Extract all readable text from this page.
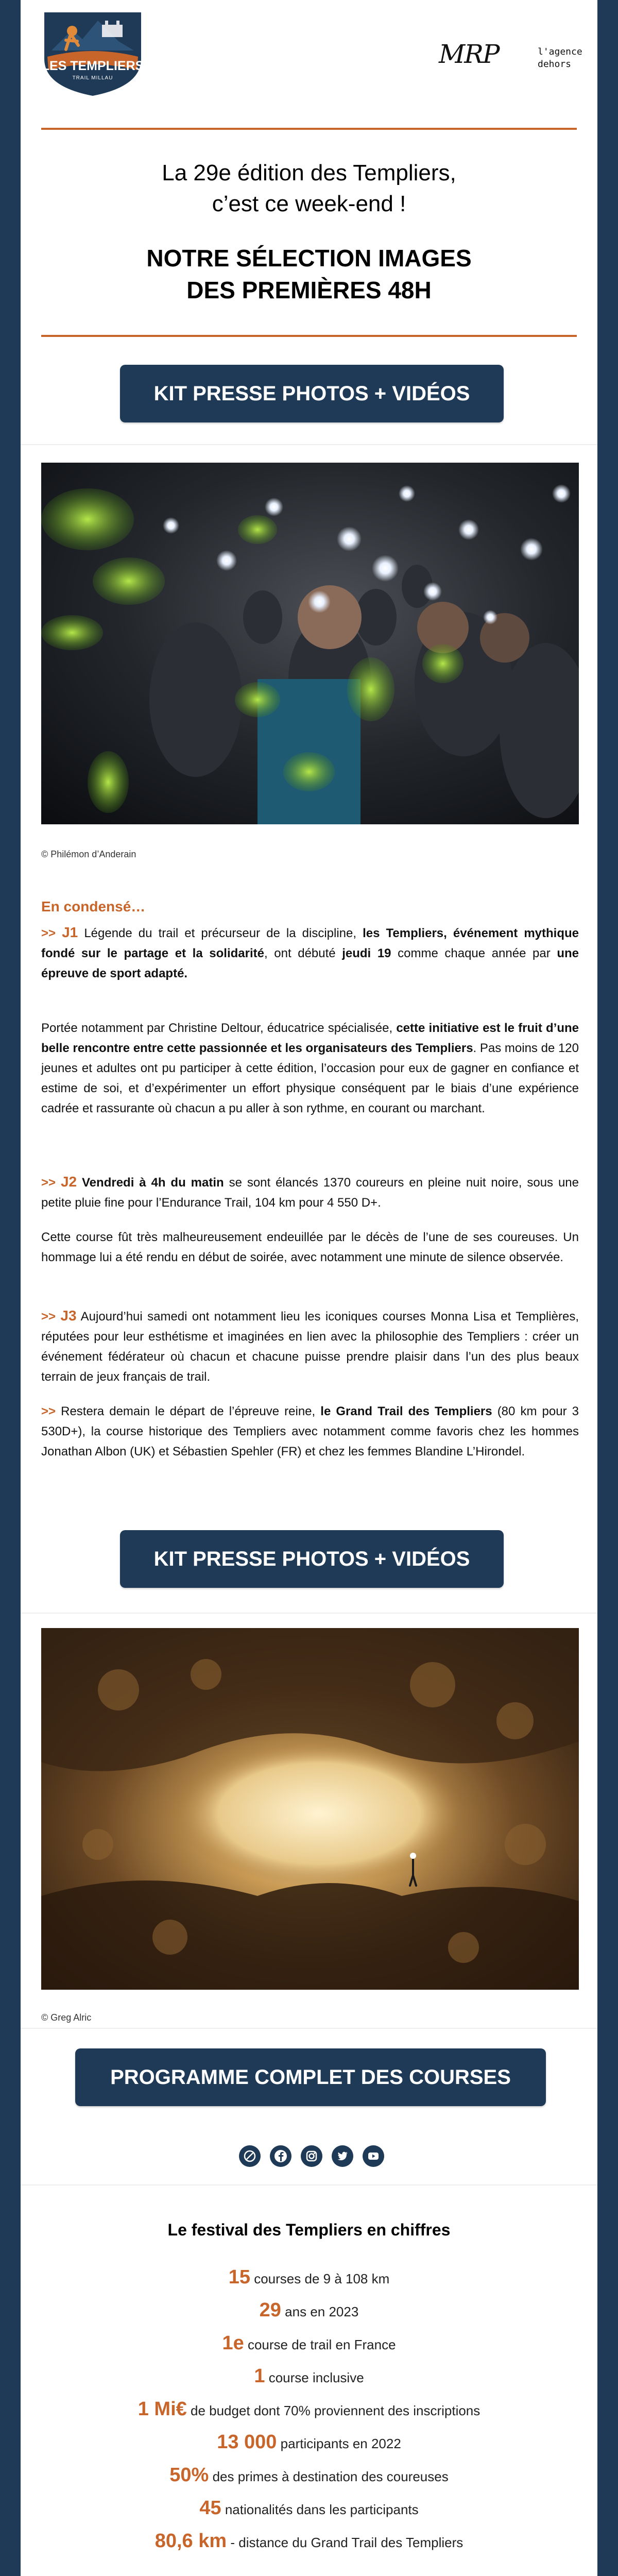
LES TEMPLIERS
TRAIL MILLAU
MRP	l'agence
dehors
La 29e édition des Templiers,
c’est ce week-end !
NOTRE SÉLECTION IMAGES
DES PREMIÈRES 48H
KIT PRESSE PHOTOS + VIDÉOS
© Philémon d’Anderain
En condensé…
>> J1 Légende du trail et précurseur de la discipline, les Templiers, événement mythique fondé sur le partage et la solidarité, ont débuté jeudi 19 comme chaque année par une épreuve de sport adapté.
Portée notamment par Christine Deltour, éducatrice spécialisée, cette initiative est le fruit d’une belle rencontre entre cette passionnée et les organisateurs des Templiers. Pas moins de 120 jeunes et adultes ont pu participer à cette édition, l’occasion pour eux de gagner en confiance et estime de soi, et d’expérimenter un effort physique conséquent par le biais d’une expérience cadrée et rassurante où chacun a pu aller à son rythme, en courant ou marchant.
>> J2 Vendredi à 4h du matin se sont élancés 1370 coureurs en pleine nuit noire, sous une petite pluie fine pour l’Endurance Trail, 104 km pour 4 550 D+.
Cette course fût très malheureusement endeuillée par le décès de l’une de ses coureuses. Un hommage lui a été rendu en début de soirée, avec notamment une minute de silence observée.
>> J3 Aujourd’hui samedi ont notamment lieu les iconiques courses Monna Lisa et Templières, réputées pour leur esthétisme et imaginées en lien avec la philosophie des Templiers : créer un événement fédérateur où chacun et chacune puisse prendre plaisir dans l’un des plus beaux terrain de jeux français de trail.
>> Restera demain le départ de l’épreuve reine, le Grand Trail des Templiers (80 km pour 3 530D+), la course historique des Templiers avec notamment comme favoris chez les hommes Jonathan Albon (UK) et Sébastien Spehler (FR) et chez les femmes Blandine L’Hirondel.
KIT PRESSE PHOTOS + VIDÉOS
© Greg Alric
PROGRAMME COMPLET DES COURSES
Le festival des Templiers en chiffres
15 courses de 9 à 108 km
29 ans en 2023
1e course de trail en France
1 course inclusive
1 Mi€ de budget dont 70% proviennent des inscriptions
13 000 participants en 2022
50% des primes à destination des coureuses
45 nationalités dans les participants
80,6 km - distance du Grand Trail des Templiers
